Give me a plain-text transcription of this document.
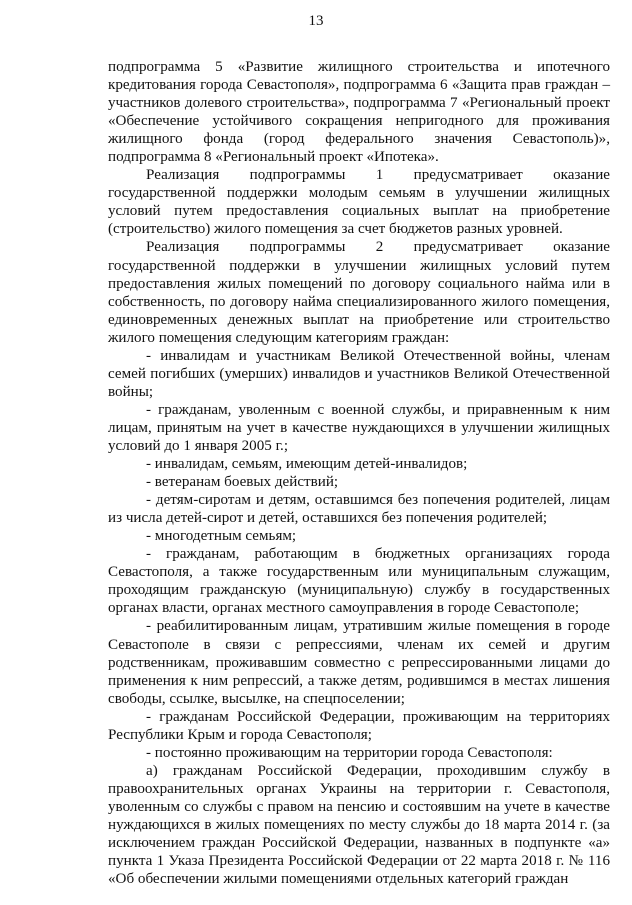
13

подпрограмма 5 «Развитие жилищного строительства и ипотечного кредитования города Севастополя», подпрограмма 6 «Защита прав граждан – участников долевого строительства», подпрограмма 7 «Региональный проект «Обеспечение устойчивого сокращения непригодного для проживания жилищного фонда (город федерального значения Севастополь)», подпрограмма 8 «Региональный проект «Ипотека».

Реализация подпрограммы 1 предусматривает оказание государственной поддержки молодым семьям в улучшении жилищных условий путем предоставления социальных выплат на приобретение (строительство) жилого помещения за счет бюджетов разных уровней.

Реализация подпрограммы 2 предусматривает оказание государственной поддержки в улучшении жилищных условий путем предоставления жилых помещений по договору социального найма или в собственность, по договору найма специализированного жилого помещения, единовременных денежных выплат на приобретение или строительство жилого помещения следующим категориям граждан:

- инвалидам и участникам Великой Отечественной войны, членам семей погибших (умерших) инвалидов и участников Великой Отечественной войны;

- гражданам, уволенным с военной службы, и приравненным к ним лицам, принятым на учет в качестве нуждающихся в улучшении жилищных условий до 1 января 2005 г.;

- инвалидам, семьям, имеющим детей-инвалидов;

- ветеранам боевых действий;

- детям-сиротам и детям, оставшимся без попечения родителей, лицам из числа детей-сирот и детей, оставшихся без попечения родителей;

- многодетным семьям;

- гражданам, работающим в бюджетных организациях города Севастополя, а также государственным или муниципальным служащим, проходящим гражданскую (муниципальную) службу в государственных органах власти, органах местного самоуправления в городе Севастополе;

- реабилитированным лицам, утратившим жилые помещения в городе Севастополе в связи с репрессиями, членам их семей и другим родственникам, проживавшим совместно с репрессированными лицами до применения к ним репрессий, а также детям, родившимся в местах лишения свободы, ссылке, высылке, на спецпоселении;

- гражданам Российской Федерации, проживающим на территориях Республики Крым и города Севастополя;

- постоянно проживающим на территории города Севастополя:

а) гражданам Российской Федерации, проходившим службу в правоохранительных органах Украины на территории г. Севастополя, уволенным со службы с правом на пенсию и состоявшим на учете в качестве нуждающихся в жилых помещениях по месту службы до 18 марта 2014 г. (за исключением граждан Российской Федерации, названных в подпункте «а» пункта 1 Указа Президента Российской Федерации от 22 марта 2018 г. № 116 «Об обеспечении жилыми помещениями отдельных категорий граждан
